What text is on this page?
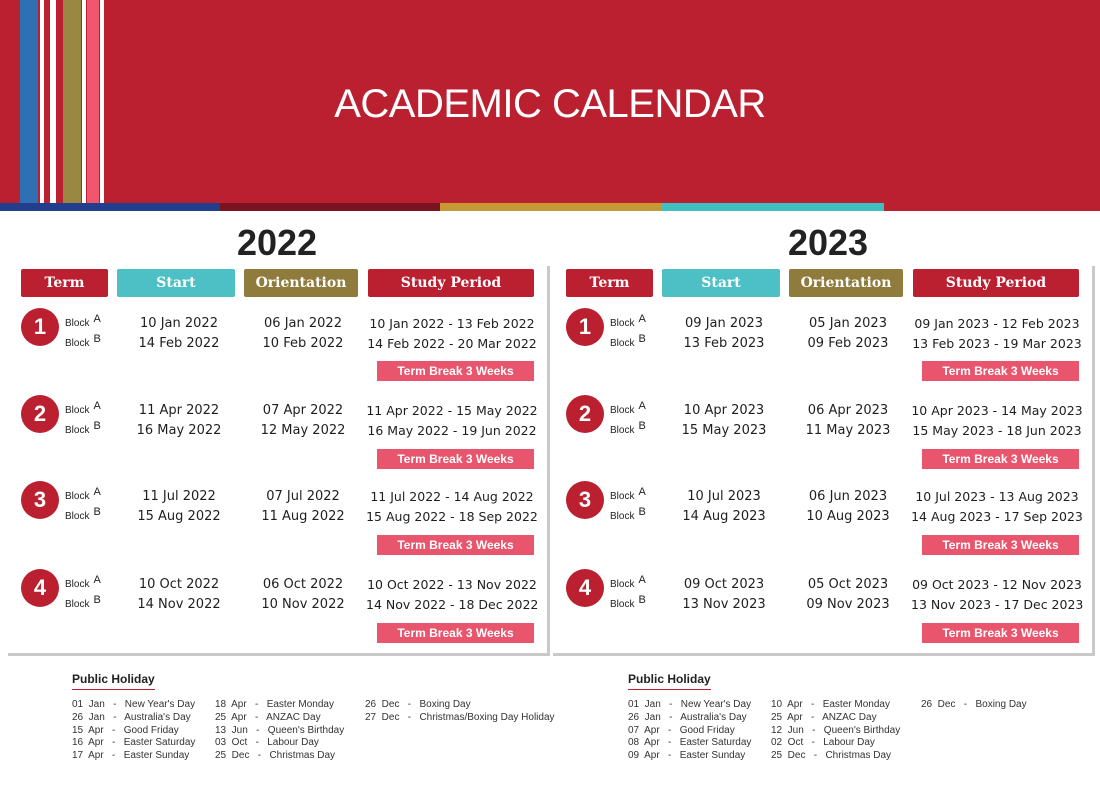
ACADEMIC CALENDAR
2022
Term	Start	Orientation	Study Period
1	Block A	10 Jan 2022	06 Jan 2022	10 Jan 2022 - 13 Feb 2022
Block B	14 Feb 2022	10 Feb 2022	14 Feb 2022 - 20 Mar 2022
Term Break 3 Weeks
2	Block A	11 Apr 2022	07 Apr 2022	11 Apr 2022 - 15 May 2022
Block B	16 May 2022	12 May 2022	16 May 2022 - 19 Jun 2022
Term Break 3 Weeks
3	Block A	11 Jul 2022	07 Jul 2022	11 Jul 2022 - 14 Aug 2022
Block B	15 Aug 2022	11 Aug 2022	15 Aug 2022 - 18 Sep 2022
Term Break 3 Weeks
4	Block A	10 Oct 2022	06 Oct 2022	10 Oct 2022 - 13 Nov 2022
Block B	14 Nov 2022	10 Nov 2022	14 Nov 2022 - 18 Dec 2022
Term Break 3 Weeks
Public Holiday
01  Jan   -   New Year's Day
26  Jan   -   Australia's Day
15  Apr   -   Good Friday
16  Apr   -   Easter Saturday
17  Apr   -   Easter Sunday
18  Apr   -   Easter Monday
25  Apr   -   ANZAC Day
13  Jun   -   Queen's Birthday
03  Oct   -   Labour Day
25  Dec   -   Christmas Day
26  Dec   -   Boxing Day
27  Dec   -   Christmas/Boxing Day Holiday
2023
Term	Start	Orientation	Study Period
1	Block A	09 Jan 2023	05 Jan 2023	09 Jan 2023 - 12 Feb 2023
Block B	13 Feb 2023	09 Feb 2023	13 Feb 2023 - 19 Mar 2023
Term Break 3 Weeks
2	Block A	10 Apr 2023	06 Apr 2023	10 Apr 2023 - 14 May 2023
Block B	15 May 2023	11 May 2023	15 May 2023 - 18 Jun 2023
Term Break 3 Weeks
3	Block A	10 Jul 2023	06 Jun 2023	10 Jul 2023 - 13 Aug 2023
Block B	14 Aug 2023	10 Aug 2023	14 Aug 2023 - 17 Sep 2023
Term Break 3 Weeks
4	Block A	09 Oct 2023	05 Oct 2023	09 Oct 2023 - 12 Nov 2023
Block B	13 Nov 2023	09 Nov 2023	13 Nov 2023 - 17 Dec 2023
Term Break 3 Weeks
Public Holiday
01  Jan   -   New Year's Day
26  Jan   -   Australia's Day
07  Apr   -   Good Friday
08  Apr   -   Easter Saturday
09  Apr   -   Easter Sunday
10  Apr   -   Easter Monday
25  Apr   -   ANZAC Day
12  Jun   -   Queen's Birthday
02  Oct   -   Labour Day
25  Dec   -   Christmas Day
26  Dec   -   Boxing Day
